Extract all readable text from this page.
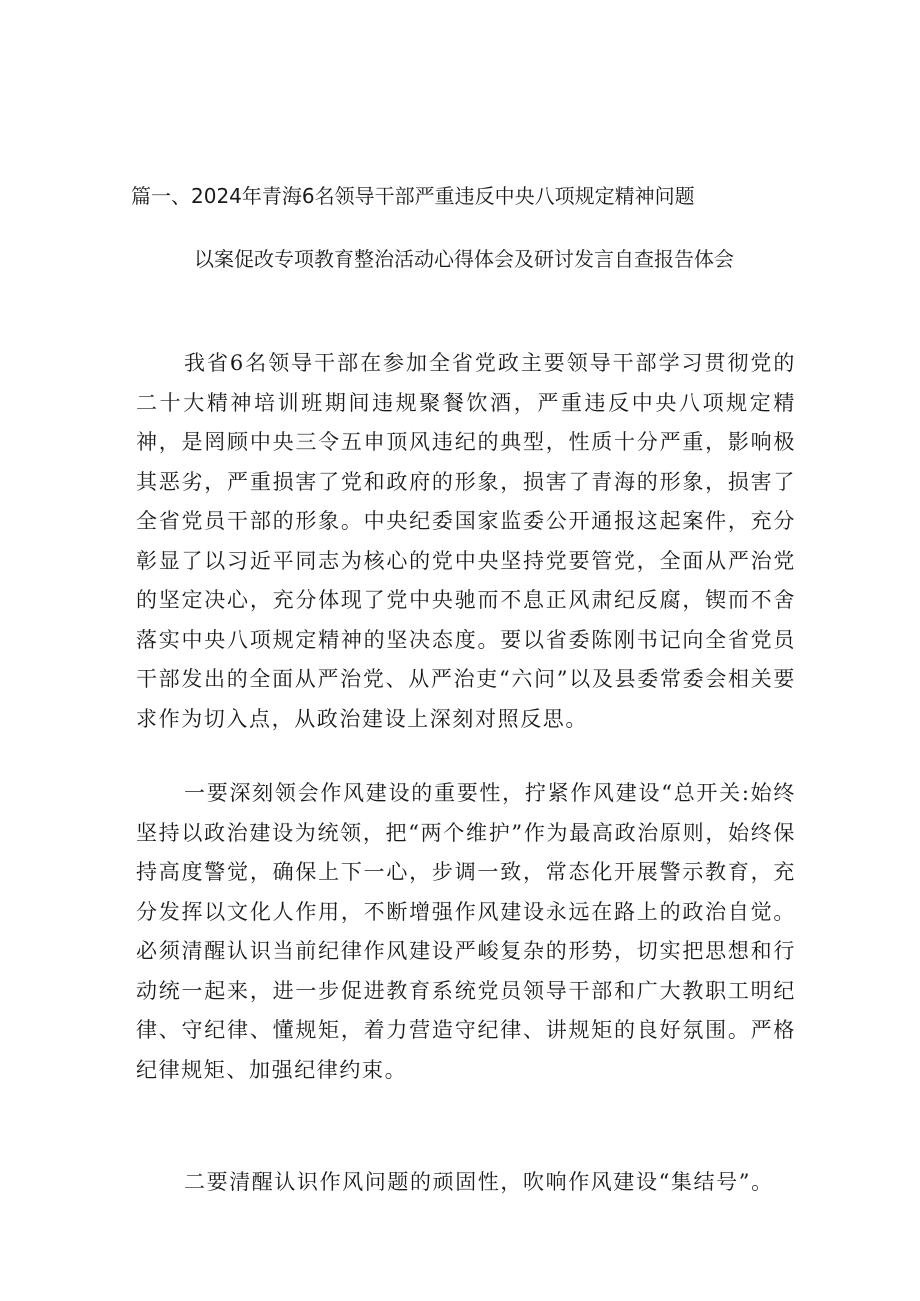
篇一、2024年青海6名领导干部严重违反中央八项规定精神问题
以案促改专项教育整治活动心得体会及研讨发言自查报告体会

我省6名领导干部在参加全省党政主要领导干部学习贯彻党的二十大精神培训班期间违规聚餐饮酒，严重违反中央八项规定精神，是罔顾中央三令五申顶风违纪的典型，性质十分严重，影响极其恶劣，严重损害了党和政府的形象，损害了青海的形象，损害了全省党员干部的形象。中央纪委国家监委公开通报这起案件，充分彰显了以习近平同志为核心的党中央坚持党要管党，全面从严治党的坚定决心，充分体现了党中央驰而不息正风肃纪反腐，锲而不舍落实中央八项规定精神的坚决态度。要以省委陈刚书记向全省党员干部发出的全面从严治党、从严治吏“六问”以及县委常委会相关要求作为切入点，从政治建设上深刻对照反思。

一要深刻领会作风建设的重要性，拧紧作风建设“总开关:始终坚持以政治建设为统领，把“两个维护”作为最高政治原则，始终保持高度警觉，确保上下一心，步调一致，常态化开展警示教育，充分发挥以文化人作用，不断增强作风建设永远在路上的政治自觉。必须清醒认识当前纪律作风建设严峻复杂的形势，切实把思想和行动统一起来，进一步促进教育系统党员领导干部和广大教职工明纪律、守纪律、懂规矩，着力营造守纪律、讲规矩的良好氛围。严格纪律规矩、加强纪律约束。

二要清醒认识作风问题的顽固性，吹响作风建设“集结号”。
